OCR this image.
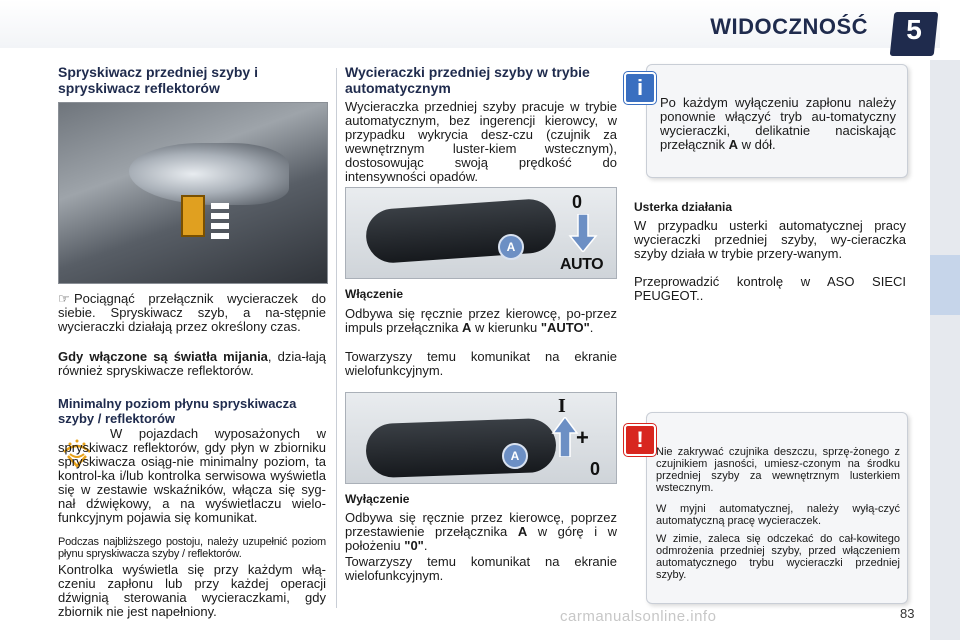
WIDOCZNOŚĆ	5
Spryskiwacz przedniej szyby i spryskiwacz reflektorów
☞ Pociągnąć przełącznik wycieraczek do siebie. Spryskiwacz szyb, a na-stępnie wycieraczki działają przez określony czas.
Gdy włączone są światła mijania, dzia-łają również spryskiwacze reflektorów.
Minimalny poziom płynu spryskiwacza szyby / reflektorów
W pojazdach wyposażonych w spryskiwacz reflektorów, gdy płyn w zbiorniku spryskiwacza osiąg-nie minimalny poziom, ta kontrol-ka i/lub kontrolka serwisowa wyświetla się w zestawie wskaźników, włącza się syg-nał dźwiękowy, a na wyświetlaczu wielo-funkcyjnym pojawia się komunikat.
Podczas najbliższego postoju, należy uzupełnić poziom płynu spryskiwacza szyby / reflektorów.
Kontrolka wyświetla się przy każdym włą-czeniu zapłonu lub przy każdej operacji dźwignią sterowania wycieraczkami, gdy zbiornik nie jest napełniony.
Wycieraczki przedniej szyby w trybie automatycznym
Wycieraczka przedniej szyby pracuje w trybie automatycznym, bez ingerencji kierowcy, w przypadku wykrycia desz-czu (czujnik za wewnętrznym luster-kiem wstecznym), dostosowując swoją prędkość do intensywności opadów.
A
0
AUTO
Włączenie
Odbywa się ręcznie przez kierowcę, po-przez impuls przełącznika A w kierunku "AUTO".
Towarzyszy temu komunikat na ekranie wielofunkcyjnym.
A
I
+
0
Wyłączenie
Odbywa się ręcznie przez kierowcę, poprzez przestawienie przełącznika A w górę i w położeniu "0".
Towarzyszy temu komunikat na ekranie wielofunkcyjnym.
i
Po każdym wyłączeniu zapłonu należy ponownie włączyć tryb au-tomatyczny wycieraczki, delikatnie naciskając przełącznik A w dół.
Usterka działania
W przypadku usterki automatycznej pracy wycieraczki przedniej szyby, wy-cieraczka szyby działa w trybie przery-wanym.
Przeprowadzić kontrolę w ASO SIECI PEUGEOT..
!	Nie zakrywać czujnika deszczu, sprzę-żonego z czujnikiem jasności, umiesz-czonym na środku przedniej szyby za wewnętrznym lusterkiem wstecznym.
W myjni automatycznej, należy wyłą-czyć automatyczną pracę wycieraczek.
W zimie, zaleca się odczekać do cał-kowitego odmrożenia przedniej szyby, przed włączeniem automatycznego trybu wycieraczki przedniej szyby.
carmanualsonline.info	83
